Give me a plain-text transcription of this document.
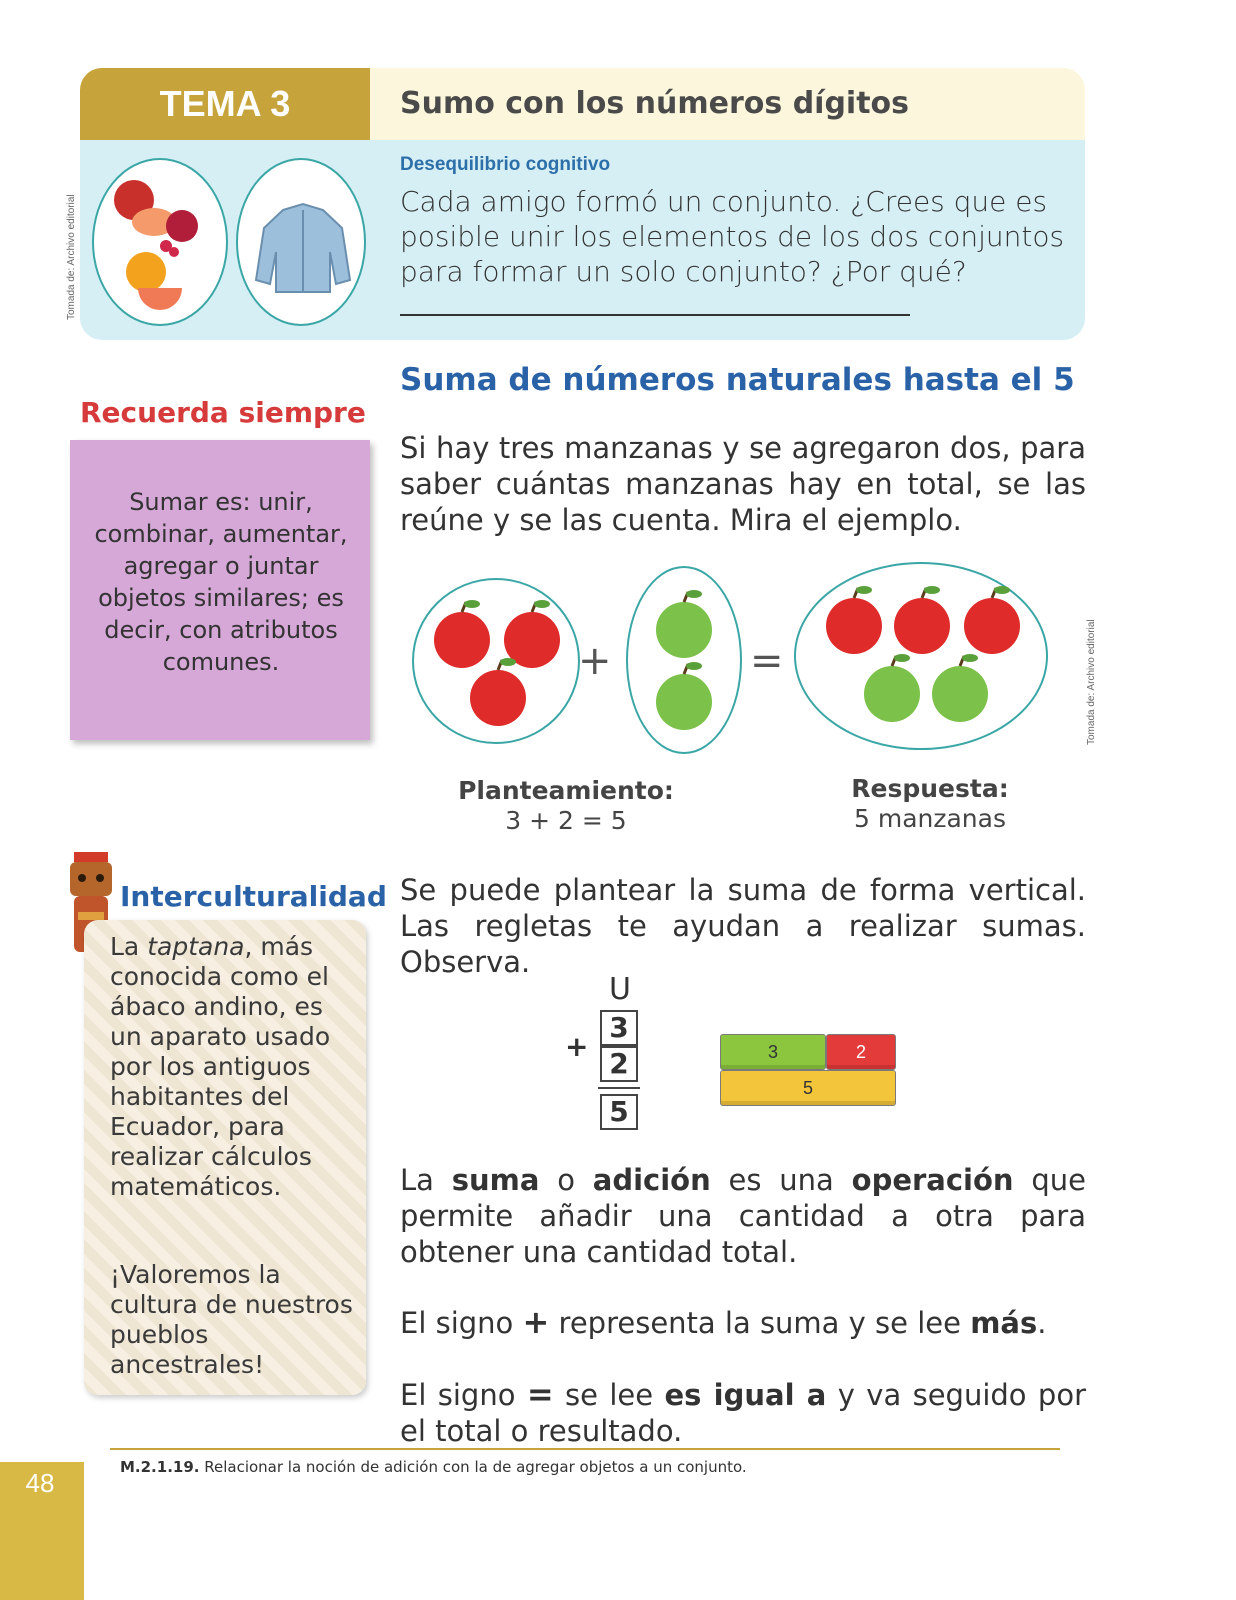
TEMA 3	Sumo con los números dígitos
Tomada de: Archivo editorial
Desequilibrio cognitivo
Cada amigo formó un conjunto. ¿Crees que es posible unir los elementos de los dos conjuntos para formar un solo conjunto? ¿Por qué?
Suma de números naturales hasta el 5
Si hay tres manzanas y se agregaron dos, para saber cuántas manzanas hay en total, se las reúne y se las cuenta. Mira el ejemplo.
Recuerda siempre
Sumar es: unir, combinar, aumentar, agregar o juntar objetos similares; es decir, con atributos comunes.	+	=	Tomada de: Archivo editorial
Planteamiento:
3 + 2 = 5
Respuesta:
5 manzanas
Se puede plantear la suma de forma vertical. Las regletas te ayudan a realizar sumas. Observa.
U
3
+
2
5
3	2
5
La suma o adición es una operación que permite añadir una cantidad a otra para obtener una cantidad total.
El signo + representa la suma y se lee más.
El signo = se lee es igual a y va seguido por el total o resultado.
Interculturalidad
La taptana, más conocida como el ábaco andino, es un aparato usado por los antiguos habitantes del Ecuador, para realizar cálculos matemáticos.
¡Valoremos la cultura de nuestros pueblos ancestrales!
M.2.1.19. Relacionar la noción de adición con la de agregar objetos a un conjunto.
48
